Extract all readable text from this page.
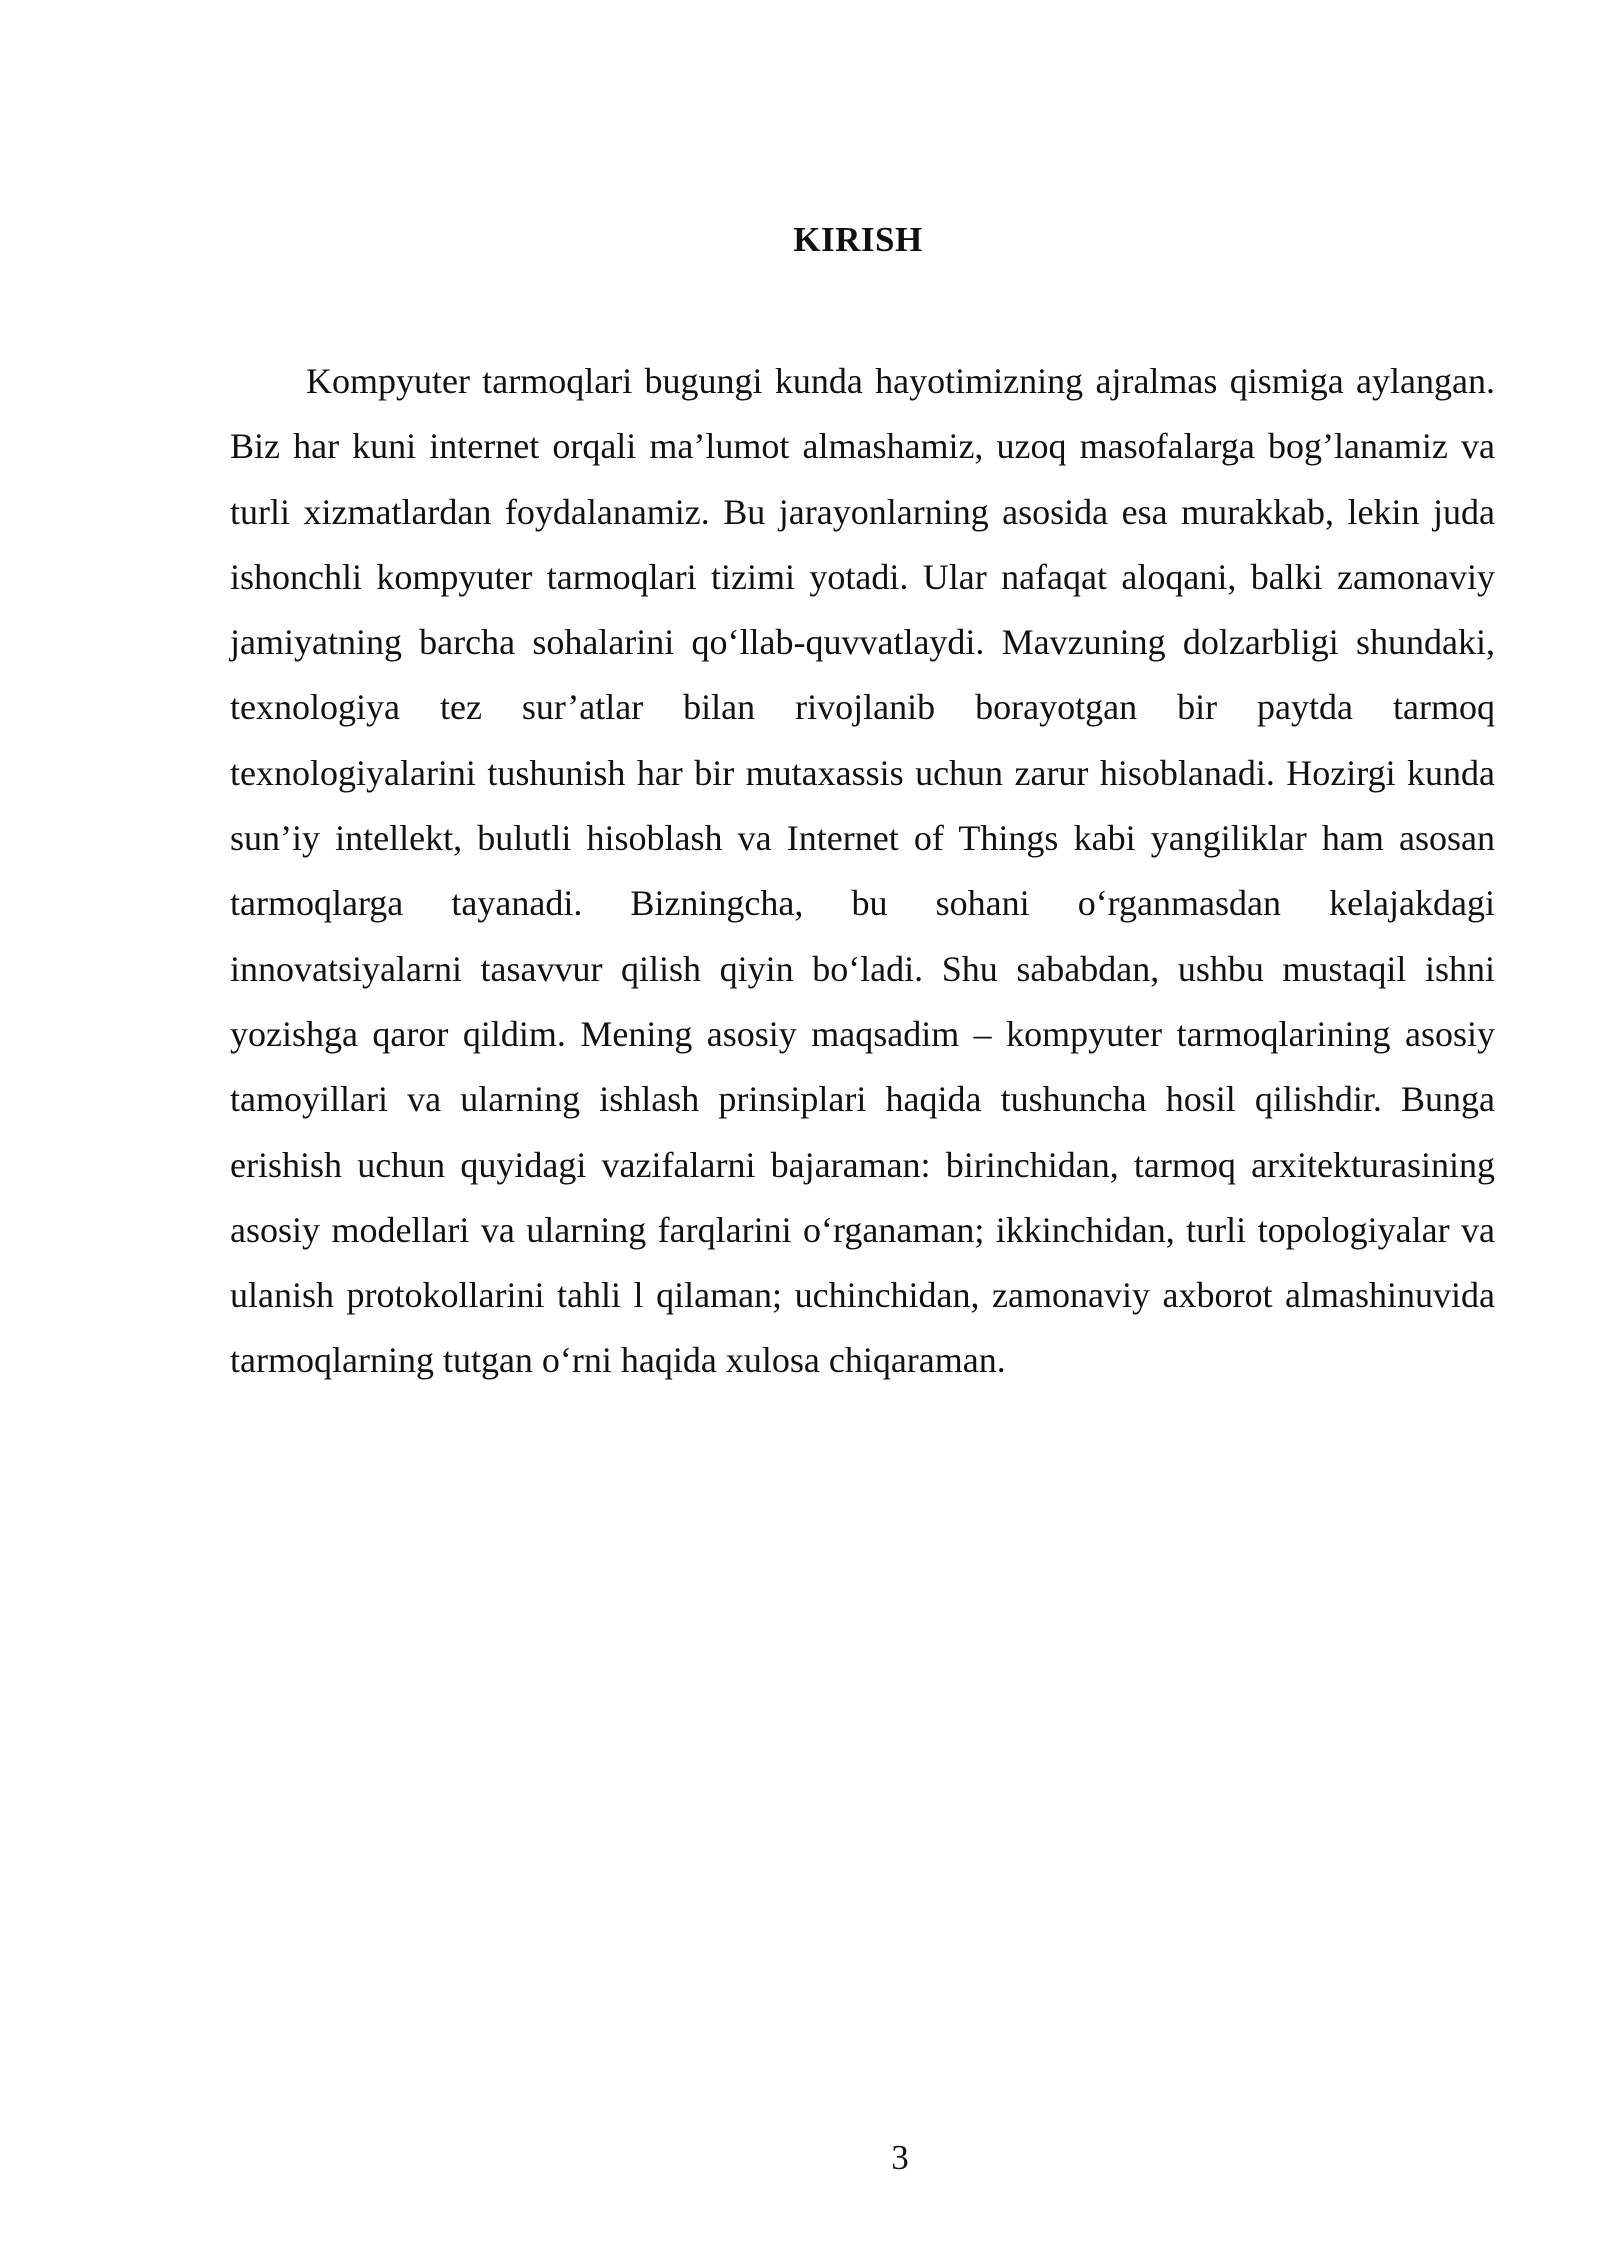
KIRISH

Kompyuter tarmoqlari bugungi kunda hayotimizning ajralmas qismiga aylangan. Biz har kuni internet orqali ma’lumot almashamiz, uzoq masofalarga bog’lanamiz va turli xizmatlardan foydalanamiz. Bu jarayonlarning asosida esa murakkab, lekin juda ishonchli kompyuter tarmoqlari tizimi yotadi. Ular nafaqat aloqani, balki zamonaviy jamiyatning barcha sohalarini qo‘llab-quvvatlaydi. Mavzuning dolzarbligi shundaki, texnologiya tez sur’atlar bilan rivojlanib borayotgan bir paytda tarmoq texnologiyalarini tushunish har bir mutaxassis uchun zarur hisoblanadi. Hozirgi kunda sun’iy intellekt, bulutli hisoblash va Internet of Things kabi yangiliklar ham asosan tarmoqlarga tayanadi. Bizningcha, bu sohani o‘rganmasdan kelajakdagi innovatsiyalarni tasavvur qilish qiyin bo‘ladi. Shu sababdan, ushbu mustaqil ishni yozishga qaror qildim. Mening asosiy maqsadim – kompyuter tarmoqlarining asosiy tamoyillari va ularning ishlash prinsiplari haqida tushuncha hosil qilishdir. Bunga erishish uchun quyidagi vazifalarni bajaraman: birinchidan, tarmoq arxitekturasining asosiy modellari va ularning farqlarini o‘rganaman; ikkinchidan, turli topologiyalar va ulanish protokollarini tahli l qilaman; uchinchidan, zamonaviy axborot almashinuvida tarmoqlarning tutgan o‘rni haqida xulosa chiqaraman.

3
